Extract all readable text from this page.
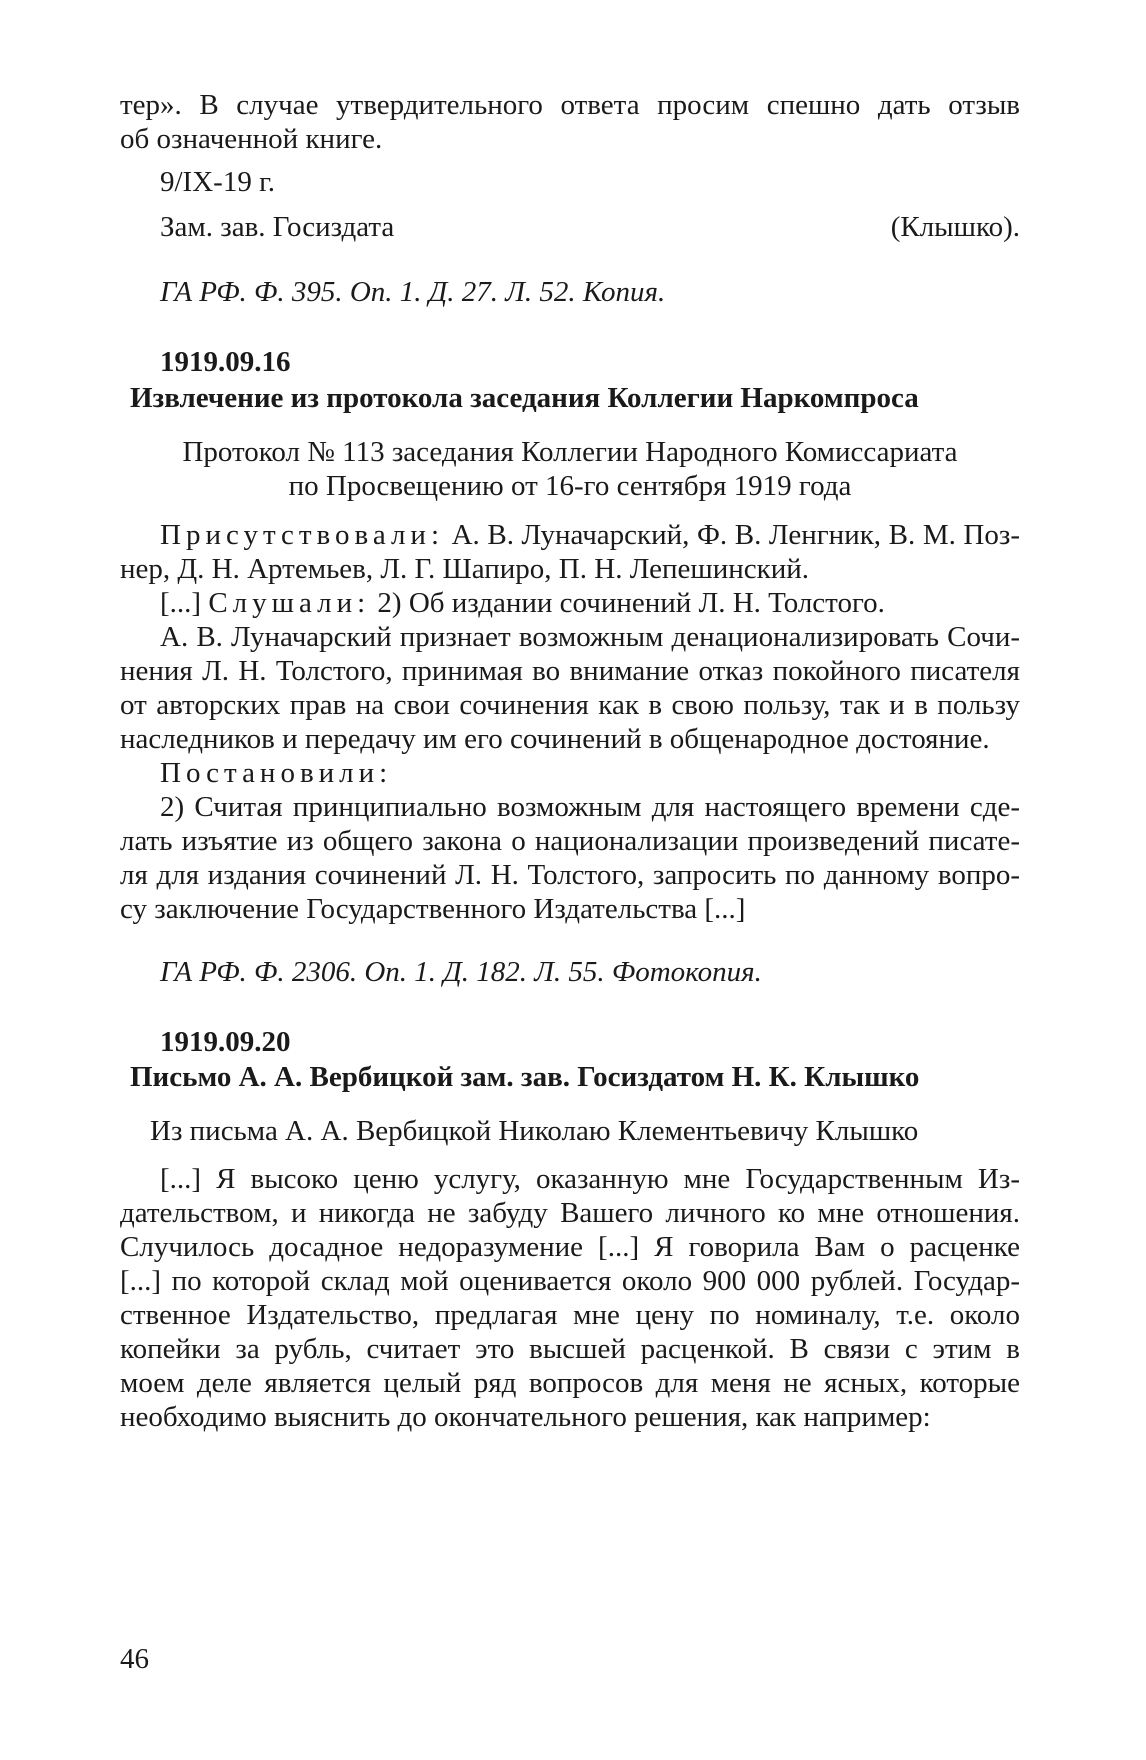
тер». В случае утвердительного ответа просим спешно дать отзыв
об означенной книге.
9/IX-19 г.
Зам. зав. Госиздата	(Клышко).
ГА РФ. Ф. 395. Оп. 1. Д. 27. Л. 52. Копия.
1919.09.16
Извлечение из протокола заседания Коллегии Наркомпроса
Протокол № 113 заседания Коллегии Народного Комиссариата
по Просвещению от 16-го сентября 1919 года
Присутствовали: А. В. Луначарский, Ф. В. Ленгник, В. М. Поз-
нер, Д. Н. Артемьев, Л. Г. Шапиро, П. Н. Лепешинский.
[...] Слушали: 2) Об издании сочинений Л. Н. Толстого.
А. В. Луначарский признает возможным денационализировать Сочи-
нения Л. Н. Толстого, принимая во внимание отказ покойного писателя
от авторских прав на свои сочинения как в свою пользу, так и в пользу
наследников и передачу им его сочинений в общенародное достояние.
Постановили:
2) Считая принципиально возможным для настоящего времени сде-
лать изъятие из общего закона о национализации произведений писате-
ля для издания сочинений Л. Н. Толстого, запросить по данному вопро-
су заключение Государственного Издательства [...]
ГА РФ. Ф. 2306. Оп. 1. Д. 182. Л. 55. Фотокопия.
1919.09.20
Письмо А. А. Вербицкой зам. зав. Госиздатом Н. К. Клышко
Из письма А. А. Вербицкой Николаю Клементьевичу Клышко
[...] Я высоко ценю услугу, оказанную мне Государственным Из-
дательством, и никогда не забуду Вашего личного ко мне отношения.
Случилось досадное недоразумение [...] Я говорила Вам о расценке
[...] по которой склад мой оценивается около 900 000 рублей. Государ-
ственное Издательство, предлагая мне цену по номиналу, т.е. около
копейки за рубль, считает это высшей расценкой. В связи с этим в
моем деле является целый ряд вопросов для меня не ясных, которые
необходимо выяснить до окончательного решения, как например:
46
